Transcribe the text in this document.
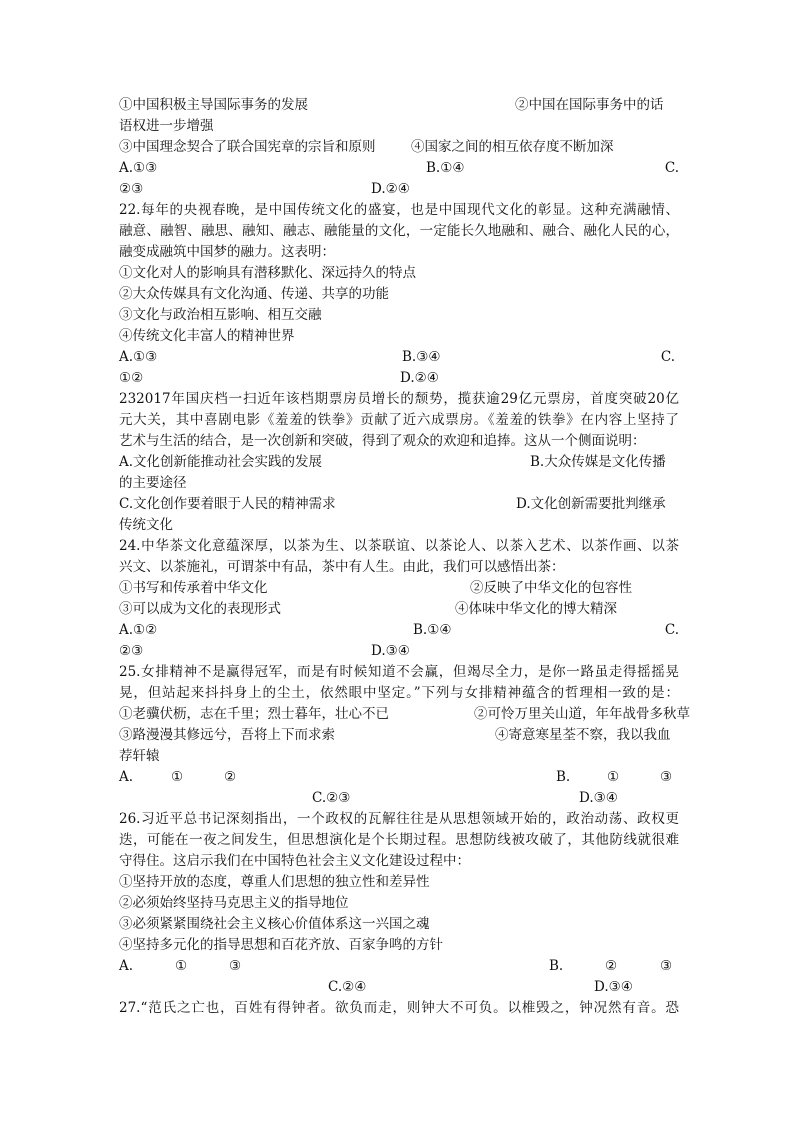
①中国积极主导国际事务的发展	②中国在国际事务中的话
语权进一步增强
③中国理念契合了联合国宪章的宗旨和原则	④国家之间的相互依存度不断加深
A.①③	B.①④	C.
②③	D.②④
22.每年的央视春晚，是中国传统文化的盛宴，也是中国现代文化的彰显。这种充满融情、
融意、融智、融思、融知、融志、融能量的文化，一定能长久地融和、融合、融化人民的心，
融变成融筑中国梦的融力。这表明：
①文化对人的影响具有潜移默化、深远持久的特点
②大众传媒具有文化沟通、传递、共享的功能
③文化与政治相互影响、相互交融
④传统文化丰富人的精神世界
A.①③	B.③④	C.
①②	D.②④
232017年国庆档一扫近年该档期票房员增长的颓势，揽获逾29亿元票房，首度突破20亿
元大关，其中喜剧电影《羞羞的铁拳》贡献了近六成票房。《羞羞的铁拳》在内容上坚持了
艺术与生活的结合，是一次创新和突破，得到了观众的欢迎和追捧。这从一个侧面说明：
A.文化创新能推动社会实践的发展	B.大众传媒是文化传播
的主要途径
C.文化创作要着眼于人民的精神需求	D.文化创新需要批判继承
传统文化
24.中华茶文化意蕴深厚，以茶为生、以茶联谊、以茶论人、以茶入艺术、以茶作画、以茶
兴文、以茶施礼，可谓茶中有品，茶中有人生。由此，我们可以感悟出茶：
①书写和传承着中华文化	②反映了中华文化的包容性
③可以成为文化的表现形式	④体味中华文化的博大精深
A.①②	B.①④	C.
②③	D.③④
25.女排精神不是赢得冠军，而是有时候知道不会赢，但竭尽全力，是你一路虽走得摇摇晃
晃，但站起来抖抖身上的尘土，依然眼中坚定。”下列与女排精神蕴含的哲理相一致的是：
①老骥伏枥，志在千里；烈士暮年，壮心不已	②可怜万里关山道，年年战骨多秋草
③路漫漫其修远兮，吾将上下而求索	④寄意寒星荃不察，我以我血
荐轩辕
A.	①	②	B.	①	③
C.②③	D.③④
26.习近平总书记深刻指出，一个政权的瓦解往往是从思想领域开始的，政治动荡、政权更
迭，可能在一夜之间发生，但思想演化是个长期过程。思想防线被攻破了，其他防线就很难
守得住。这启示我们在中国特色社会主义文化建设过程中：
①坚持开放的态度，尊重人们思想的独立性和差异性
②必须始终坚持马克思主义的指导地位
③必须紧紧围绕社会主义核心价值体系这一兴国之魂
④坚持多元化的指导思想和百花齐放、百家争鸣的方针
A.	①	③	B.	②	③
C.②④	D.③④
27.“范氏之亡也，百姓有得钟者。欲负而走，则钟大不可负。以椎毁之，钟况然有音。恐
